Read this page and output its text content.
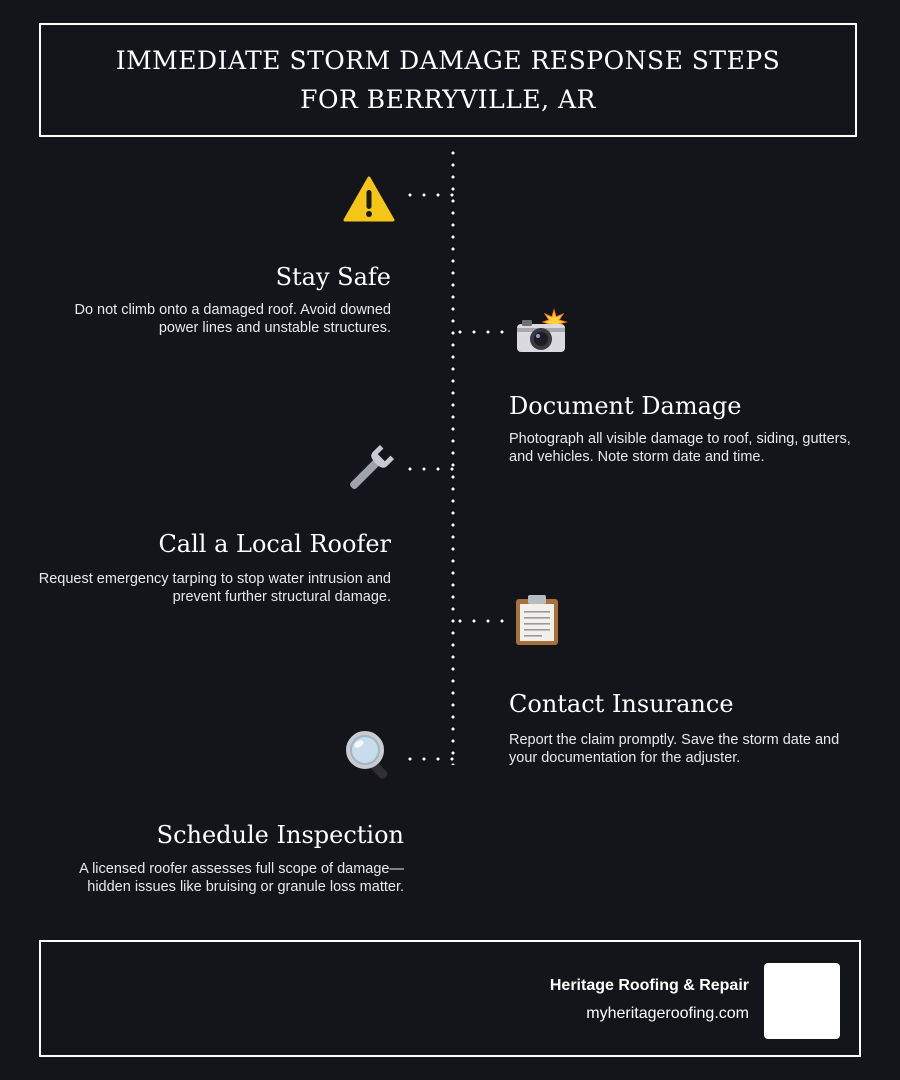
IMMEDIATE STORM DAMAGE RESPONSE STEPS FOR BERRYVILLE, AR
Stay Safe

Do not climb onto a damaged roof. Avoid downed power lines and unstable structures.

Document Damage

Photograph all visible damage to roof, siding, gutters, and vehicles. Note storm date and time.

Call a Local Roofer

Request emergency tarping to stop water intrusion and prevent further structural damage.

Contact Insurance

Report the claim promptly. Save the storm date and your documentation for the adjuster.

Schedule Inspection

A licensed roofer assesses full scope of damage—hidden issues like bruising or granule loss matter.

Heritage Roofing & Repair
myheritageroofing.com
